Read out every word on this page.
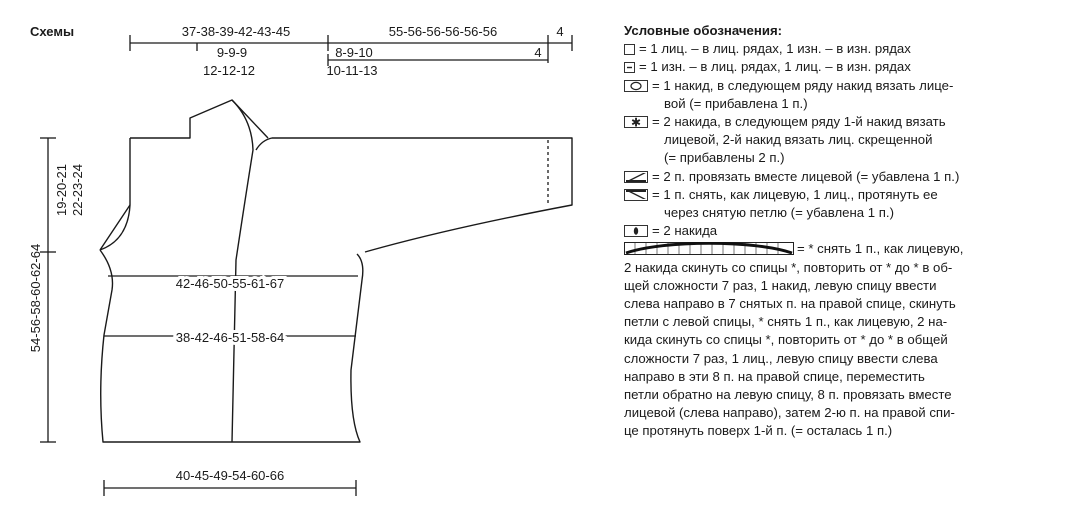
Схемы	37-38-39-42-43-45	55-56-56-56-56-56	4
9-9-9
12-12-12
8-9-10
10-11-13
4
19-20-21 22-23-24
54-56-58-60-62-64	42-46-50-55-61-67
38-42-46-51-58-64
40-45-49-54-60-66
Условные обозначения:
= 1 лиц. – в лиц. рядах, 1 изн. – в изн. рядах
= 1 изн. – в лиц. рядах, 1 лиц. – в изн. рядах
= 1 накид, в следующем ряду накид вязать лице-
вой (= прибавлена 1 п.)
✱ = 2 накида, в следующем ряду 1-й накид вязать
лицевой, 2-й накид вязать лиц. скрещенной
(= прибавлены 2 п.)
= 2 п. провязать вместе лицевой (= убавлена 1 п.)
= 1 п. снять, как лицевую, 1 лиц., протянуть ее
через снятую петлю (= убавлена 1 п.)
= 2 накида
= * снять 1 п., как лицевую,
2 накида скинуть со спицы *, повторить от * до * в об-
щей сложности 7 раз, 1 накид, левую спицу ввести
слева направо в 7 снятых п. на правой спице, скинуть
петли с левой спицы, * снять 1 п., как лицевую, 2 на-
кида скинуть со спицы *, повторить от * до * в общей
сложности 7 раз, 1 лиц., левую спицу ввести слева
направо в эти 8 п. на правой спице, переместить
петли обратно на левую спицу, 8 п. провязать вместе
лицевой (слева направо), затем 2-ю п. на правой спи-
це протянуть поверх 1-й п. (= осталась 1 п.)
